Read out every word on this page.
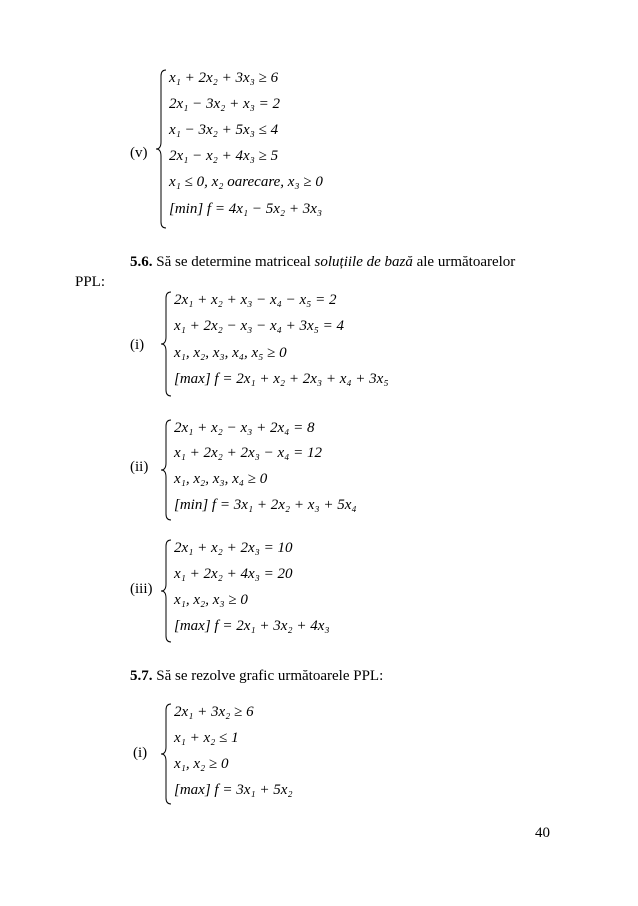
(v)
x₁ + 2x₂ + 3x₃ ≥ 6
2x₁ − 3x₂ + x₃ = 2
x₁ − 3x₂ + 5x₃ ≤ 4
2x₁ − x₂ + 4x₃ ≥ 5
x₁ ≤ 0, x₂ oarecare, x₃ ≥ 0
[min] f = 4x₁ − 5x₂ + 3x₃
5.6. Să se determine matriceal soluțiile de bază ale următoarelor
PPL:
(i)
2x₁ + x₂ + x₃ − x₄ − x₅ = 2
x₁ + 2x₂ − x₃ − x₄ + 3x₅ = 4
x₁, x₂, x₃, x₄, x₅ ≥ 0
[max] f = 2x₁ + x₂ + 2x₃ + x₄ + 3x₅
(ii)
2x₁ + x₂ − x₃ + 2x₄ = 8
x₁ + 2x₂ + 2x₃ − x₄ = 12
x₁, x₂, x₃, x₄ ≥ 0
[min] f = 3x₁ + 2x₂ + x₃ + 5x₄
(iii)
2x₁ + x₂ + 2x₃ = 10
x₁ + 2x₂ + 4x₃ = 20
x₁, x₂, x₃ ≥ 0
[max] f = 2x₁ + 3x₂ + 4x₃
5.7. Să se rezolve grafic următoarele PPL:
(i)
2x₁ + 3x₂ ≥ 6
x₁ + x₂ ≤ 1
x₁, x₂ ≥ 0
[max] f = 3x₁ + 5x₂
40
